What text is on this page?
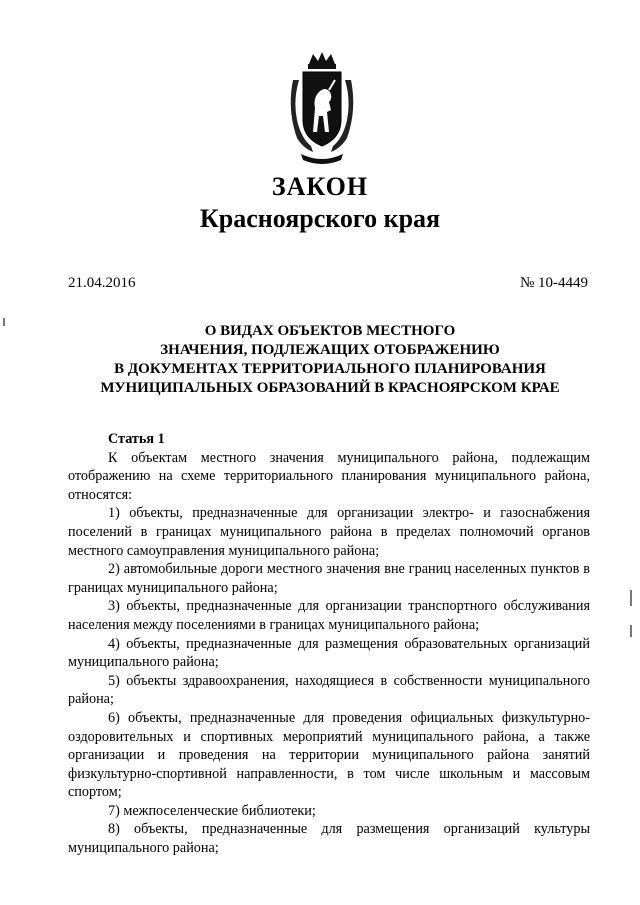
ЗАКОН
Красноярского края
21.04.2016	№ 10-4449
О ВИДАХ ОБЪЕКТОВ МЕСТНОГО
ЗНАЧЕНИЯ, ПОДЛЕЖАЩИХ ОТОБРАЖЕНИЮ
В ДОКУМЕНТАХ ТЕРРИТОРИАЛЬНОГО ПЛАНИРОВАНИЯ
МУНИЦИПАЛЬНЫХ ОБРАЗОВАНИЙ В КРАСНОЯРСКОМ КРАЕ
Статья 1

К объектам местного значения муниципального района, подлежащим отображению на схеме территориального планирования муниципального района, относятся:

1) объекты, предназначенные для организации электро- и газоснабжения поселений в границах муниципального района в пределах полномочий органов местного самоуправления муниципального района;

2) автомобильные дороги местного значения вне границ населенных пунктов в границах муниципального района;

3) объекты, предназначенные для организации транспортного обслуживания населения между поселениями в границах муниципального района;

4) объекты, предназначенные для размещения образовательных организаций муниципального района;

5) объекты здравоохранения, находящиеся в собственности муниципального района;

6) объекты, предназначенные для проведения официальных физкультурно-оздоровительных и спортивных мероприятий муниципального района, а также организации и проведения на территории муниципального района занятий физкультурно-спортивной направленности, в том числе школьным и массовым спортом;

7) межпоселенческие библиотеки;

8) объекты, предназначенные для размещения организаций культуры муниципального района;
